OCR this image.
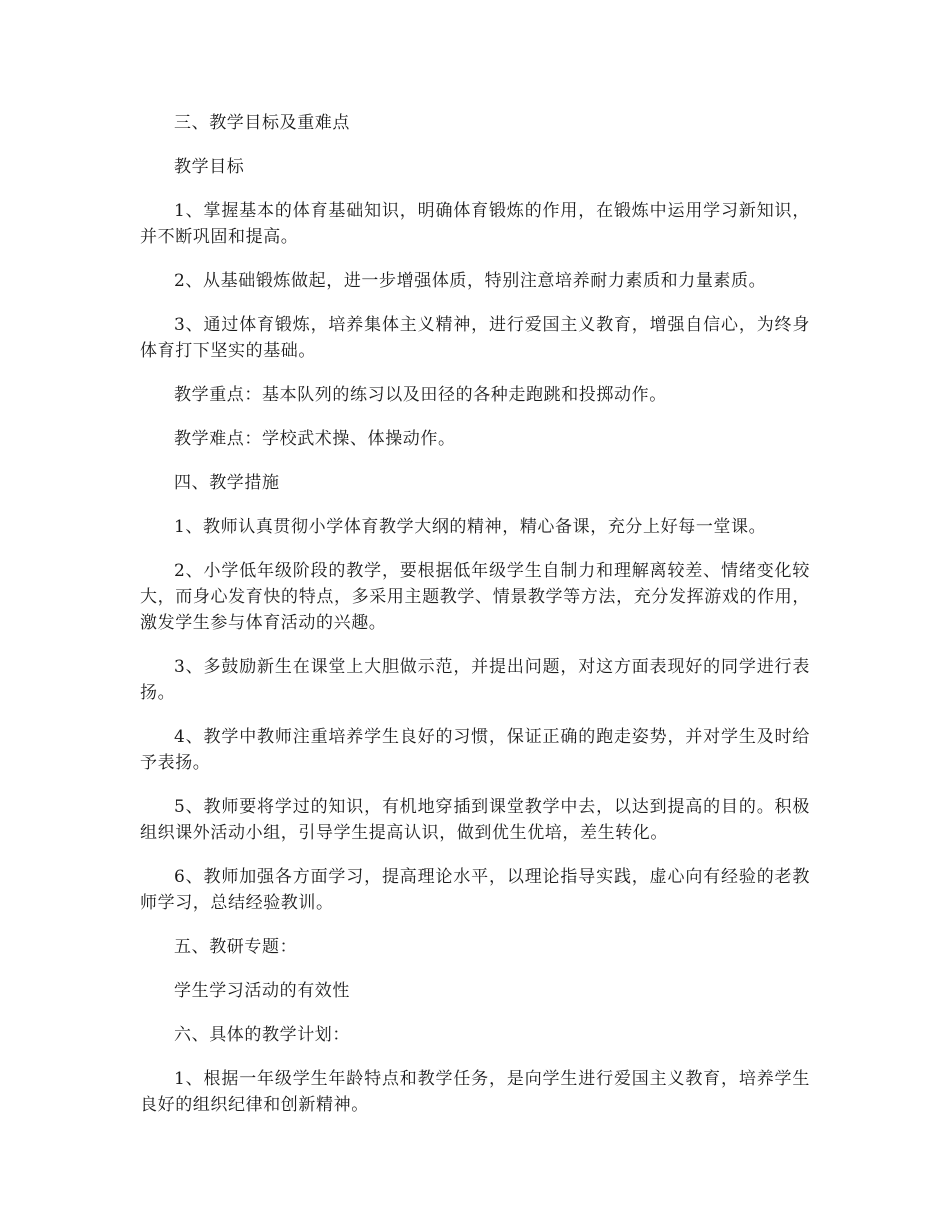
三、教学目标及重难点

教学目标

1、掌握基本的体育基础知识，明确体育锻炼的作用，在锻炼中运用学习新知识，并不断巩固和提高。

2、从基础锻炼做起，进一步增强体质，特别注意培养耐力素质和力量素质。

3、通过体育锻炼，培养集体主义精神，进行爱国主义教育，增强自信心，为终身体育打下坚实的基础。

教学重点：基本队列的练习以及田径的各种走跑跳和投掷动作。

教学难点：学校武术操、体操动作。

四、教学措施

1、教师认真贯彻小学体育教学大纲的精神，精心备课，充分上好每一堂课。

2、小学低年级阶段的教学，要根据低年级学生自制力和理解离较差、情绪变化较大，而身心发育快的特点，多采用主题教学、情景教学等方法，充分发挥游戏的作用，激发学生参与体育活动的兴趣。

3、多鼓励新生在课堂上大胆做示范，并提出问题，对这方面表现好的同学进行表扬。

4、教学中教师注重培养学生良好的习惯，保证正确的跑走姿势，并对学生及时给予表扬。

5、教师要将学过的知识，有机地穿插到课堂教学中去，以达到提高的目的。积极组织课外活动小组，引导学生提高认识，做到优生优培，差生转化。

6、教师加强各方面学习，提高理论水平，以理论指导实践，虚心向有经验的老教师学习，总结经验教训。

五、教研专题：

学生学习活动的有效性

六、具体的教学计划：

1、根据一年级学生年龄特点和教学任务，是向学生进行爱国主义教育，培养学生良好的组织纪律和创新精神。
